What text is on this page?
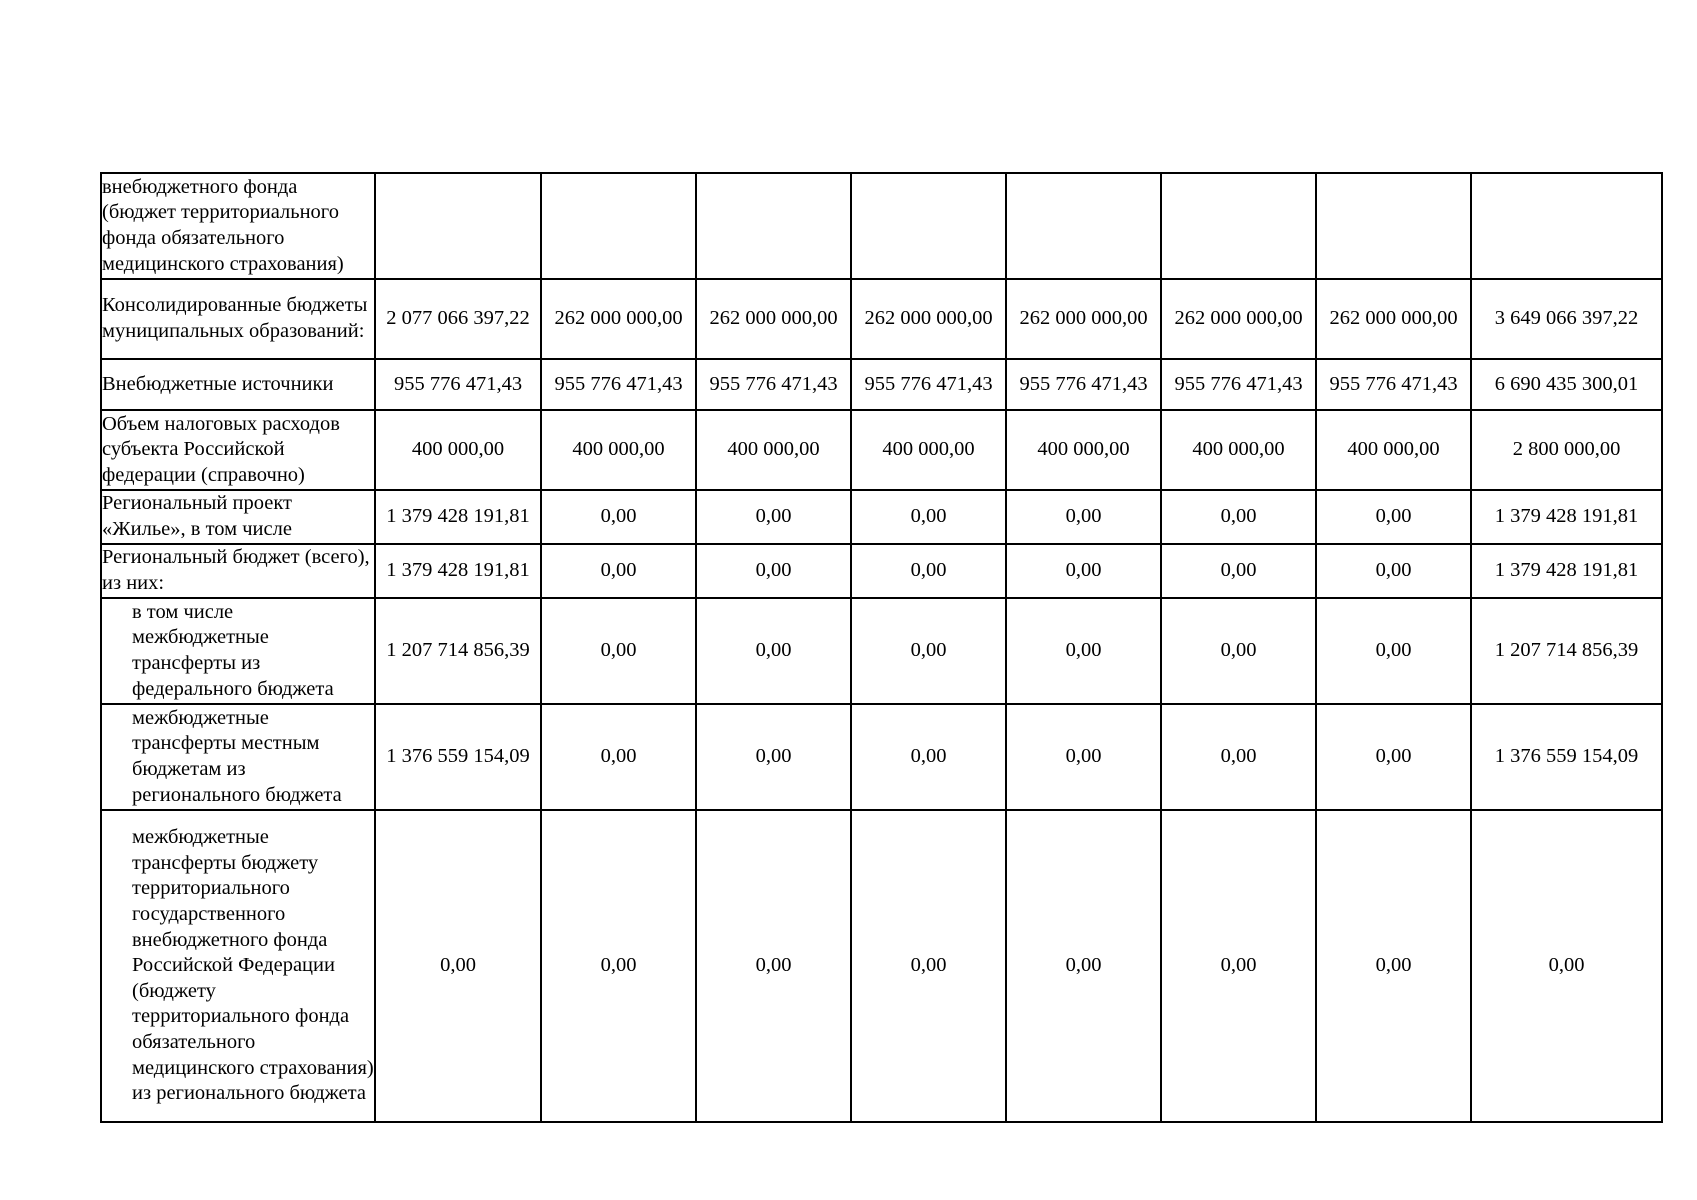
внебюджетного фонда (бюджет территориального фонда обязательного медицинского страхования)								

Консолидированные бюджеты муниципальных образований:	2 077 066 397,22	262 000 000,00	262 000 000,00	262 000 000,00	262 000 000,00	262 000 000,00	262 000 000,00	3 649 066 397,22

Внебюджетные источники	955 776 471,43	955 776 471,43	955 776 471,43	955 776 471,43	955 776 471,43	955 776 471,43	955 776 471,43	6 690 435 300,01

Объем налоговых расходов субъекта Российской федерации (справочно)	400 000,00	400 000,00	400 000,00	400 000,00	400 000,00	400 000,00	400 000,00	2 800 000,00

Региональный проект «Жилье», в том числе	1 379 428 191,81	0,00	0,00	0,00	0,00	0,00	0,00	1 379 428 191,81

Региональный бюджет (всего), из них:	1 379 428 191,81	0,00	0,00	0,00	0,00	0,00	0,00	1 379 428 191,81

в том числе межбюджетные трансферты из федерального бюджета	1 207 714 856,39	0,00	0,00	0,00	0,00	0,00	0,00	1 207 714 856,39

межбюджетные трансферты местным бюджетам из регионального бюджета	1 376 559 154,09	0,00	0,00	0,00	0,00	0,00	0,00	1 376 559 154,09

межбюджетные трансферты бюджету территориального государственного внебюджетного фонда Российской Федерации (бюджету территориального фонда обязательного медицинского страхования) из регионального бюджета	0,00	0,00	0,00	0,00	0,00	0,00	0,00	0,00
